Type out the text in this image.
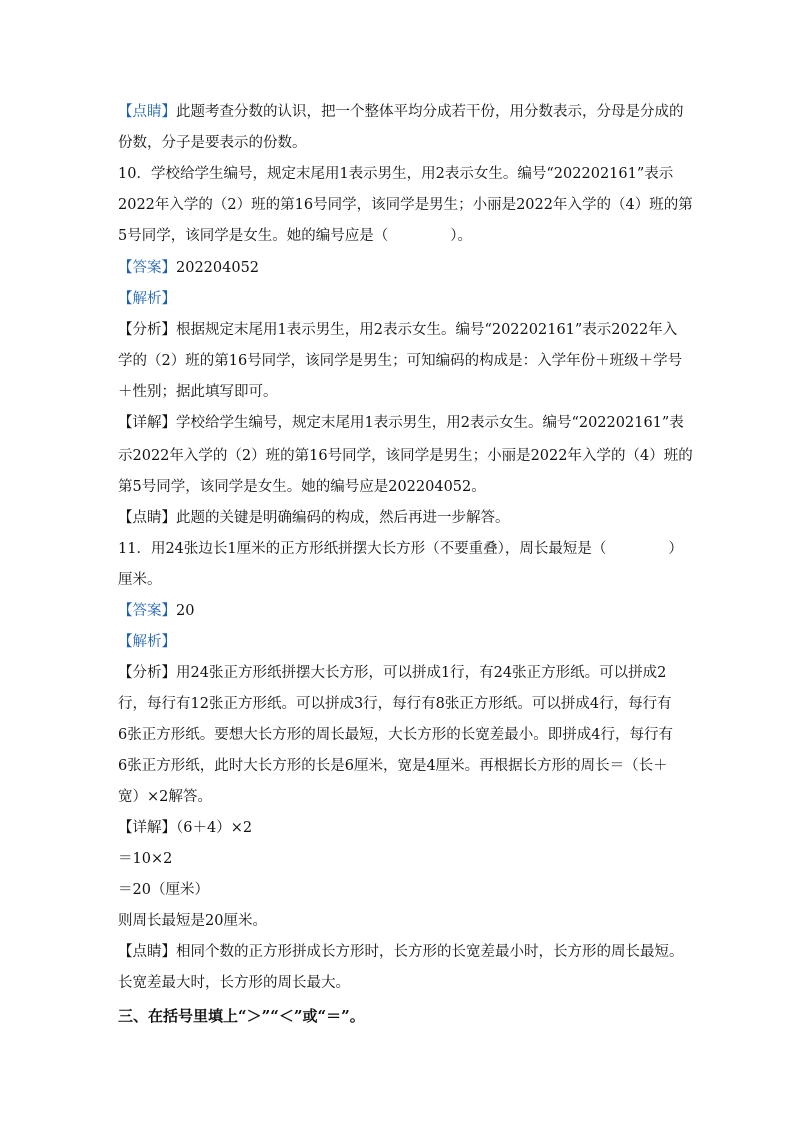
【点睛】此题考查分数的认识，把一个整体平均分成若干份，用分数表示，分母是分成的
份数，分子是要表示的份数。
10．学校给学生编号，规定末尾用1表示男生，用2表示女生。编号“202202161”表示
2022年入学的（2）班的第16号同学，该同学是男生；小丽是2022年入学的（4）班的第
5号同学，该同学是女生。她的编号应是（	）。
【答案】202204052
【解析】
【分析】根据规定末尾用1表示男生，用2表示女生。编号“202202161”表示2022年入
学的（2）班的第16号同学，该同学是男生；可知编码的构成是：入学年份＋班级＋学号
＋性别；据此填写即可。
【详解】学校给学生编号，规定末尾用1表示男生，用2表示女生。编号“202202161”表
示2022年入学的（2）班的第16号同学，该同学是男生；小丽是2022年入学的（4）班的
第5号同学，该同学是女生。她的编号应是202204052。
【点睛】此题的关键是明确编码的构成，然后再进一步解答。
11．用24张边长1厘米的正方形纸拼摆大长方形（不要重叠），周长最短是（	）
厘米。
【答案】20
【解析】
【分析】用24张正方形纸拼摆大长方形，可以拼成1行，有24张正方形纸。可以拼成2
行，每行有12张正方形纸。可以拼成3行，每行有8张正方形纸。可以拼成4行，每行有
6张正方形纸。要想大长方形的周长最短，大长方形的长宽差最小。即拼成4行，每行有
6张正方形纸，此时大长方形的长是6厘米，宽是4厘米。再根据长方形的周长＝（长＋
宽）×2解答。
【详解】（6＋4）×2
＝10×2
＝20（厘米）
则周长最短是20厘米。
【点睛】相同个数的正方形拼成长方形时，长方形的长宽差最小时，长方形的周长最短。
长宽差最大时，长方形的周长最大。
三、在括号里填上“＞”“＜”或“＝”。
